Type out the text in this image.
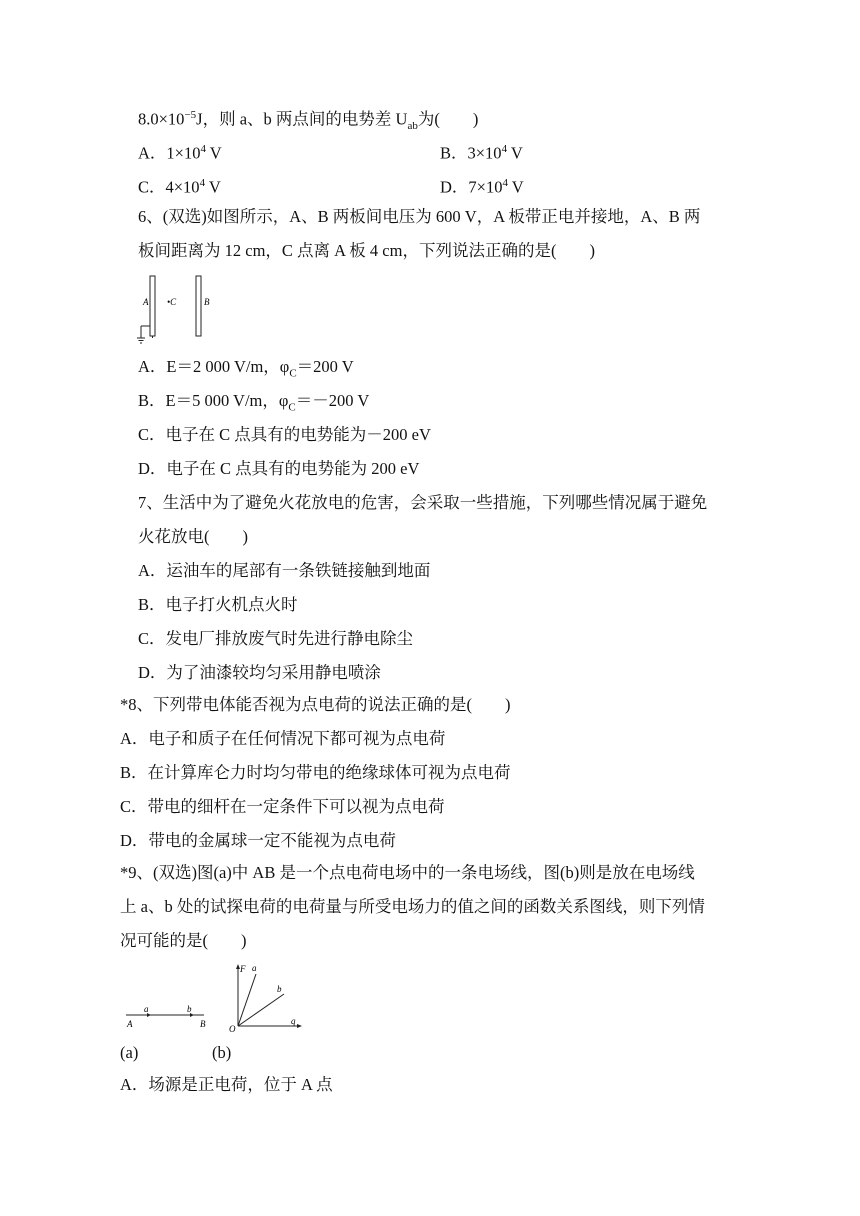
$8.0\times 10^{-5}J$，则 a、b 两点间的电势差 $U_{ab}$为(　　)
A．$1\times 10^4$ V	B．$3\times 10^4$ V
C．$4\times 10^4$ V	D．$7\times 10^4$ V
6、(双选)如图所示，A、B 两板间电压为 600 V，A 板带正电并接地，A、B 两
板间距离为 12 cm，C 点离 A 板 4 cm，下列说法正确的是(　　)
A •C	B
A．E＝2 000 V/m，$\varphi_C=200$ V
B．E＝5 000 V/m，$\varphi_C=-200$ V
C．电子在 C 点具有的电势能为－200 eV
D．电子在 C 点具有的电势能为 200 eV
7、生活中为了避免火花放电的危害，会采取一些措施，下列哪些情况属于避免
火花放电(　　)
A．运油车的尾部有一条铁链接触到地面
B．电子打火机点火时
C．发电厂排放废气时先进行静电除尘
D．为了油漆较均匀采用静电喷涂
*8、下列带电体能否视为点电荷的说法正确的是(　　)
A．电子和质子在任何情况下都可视为点电荷
B．在计算库仑力时均匀带电的绝缘球体可视为点电荷
C．带电的细杆在一定条件下可以视为点电荷
D．带电的金属球一定不能视为点电荷
*9、(双选)图(a)中 AB 是一个点电荷电场中的一条电场线，图(b)则是放在电场线
上 a、b 处的试探电荷的电荷量与所受电场力的值之间的函数关系图线，则下列情
况可能的是(　　)
A
a	b
B
F a
b
O
q
(a)	(b)
A．场源是正电荷，位于 A 点
